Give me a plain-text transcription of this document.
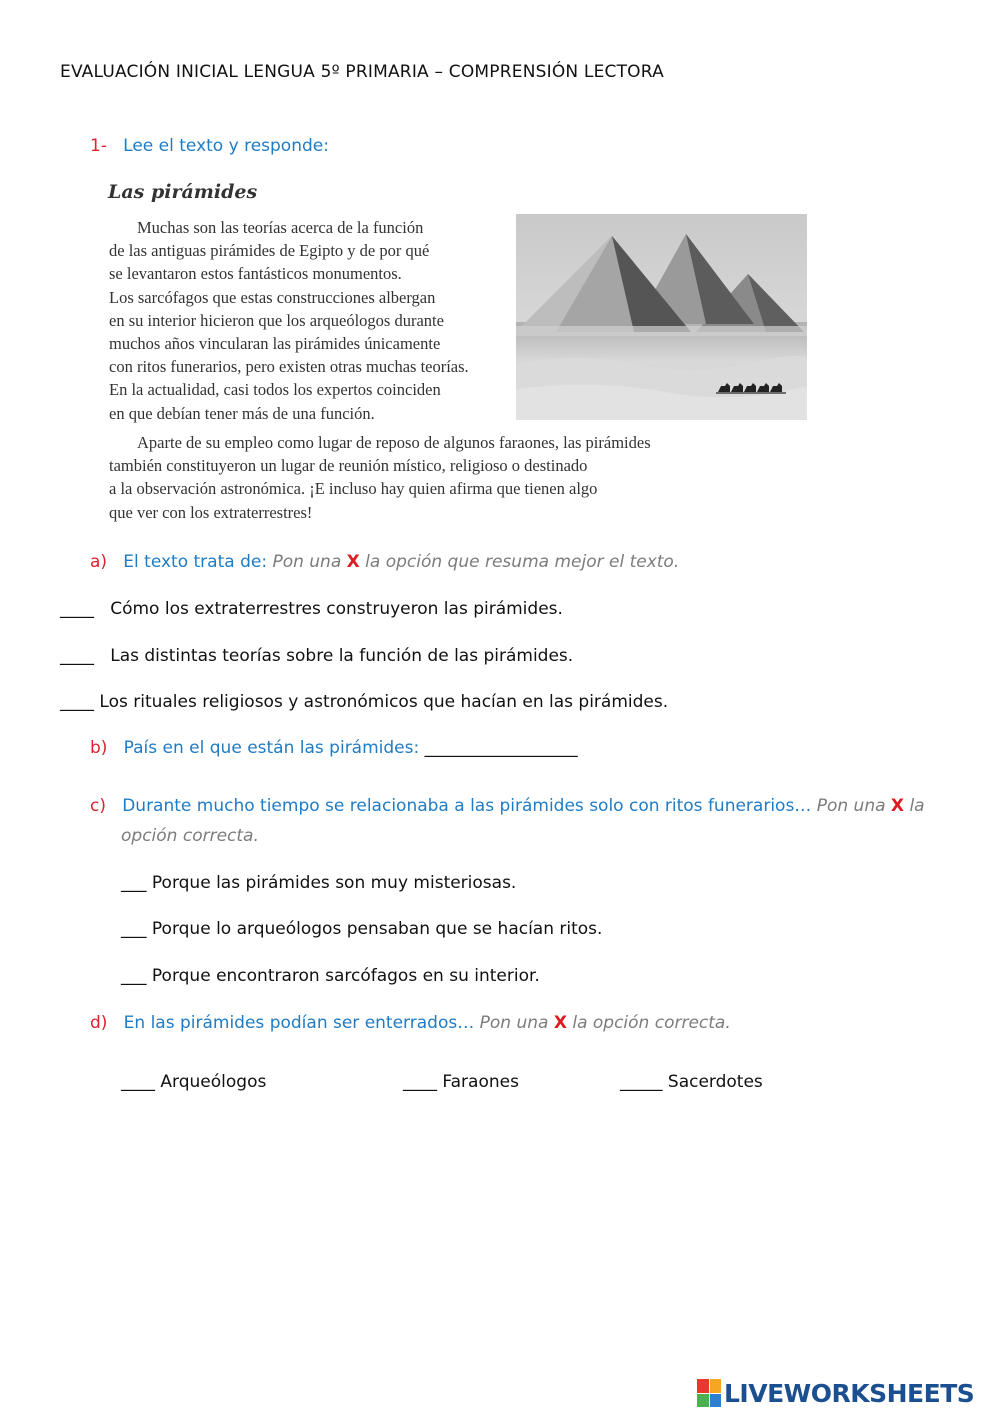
EVALUACIÓN INICIAL LENGUA 5º PRIMARIA – COMPRENSIÓN LECTORA
1- Lee el texto y responde:
Las pirámides
Muchas son las teorías acerca de la función
de las antiguas pirámides de Egipto y de por qué
se levantaron estos fantásticos monumentos.
Los sarcófagos que estas construcciones albergan
en su interior hicieron que los arqueólogos durante
muchos años vincularan las pirámides únicamente
con ritos funerarios, pero existen otras muchas teorías.
En la actualidad, casi todos los expertos coinciden
en que debían tener más de una función.
Aparte de su empleo como lugar de reposo de algunos faraones, las pirámides
también constituyeron un lugar de reunión místico, religioso o destinado
a la observación astronómica. ¡E incluso hay quien afirma que tienen algo
que ver con los extraterrestres!
a) El texto trata de: Pon una X la opción que resuma mejor el texto.
____ Cómo los extraterrestres construyeron las pirámides.
____ Las distintas teorías sobre la función de las pirámides.
____ Los rituales religiosos y astronómicos que hacían en las pirámides.
b) País en el que están las pirámides: __________________
c) Durante mucho tiempo se relacionaba a las pirámides solo con ritos funerarios… Pon una X la
opción correcta.
___ Porque las pirámides son muy misteriosas.
___ Porque lo arqueólogos pensaban que se hacían ritos.
___ Porque encontraron sarcófagos en su interior.
d) En las pirámides podían ser enterrados… Pon una X la opción correcta.
____ Arqueólogos	____ Faraones	_____ Sacerdotes
LIVEWORKSHEETS
